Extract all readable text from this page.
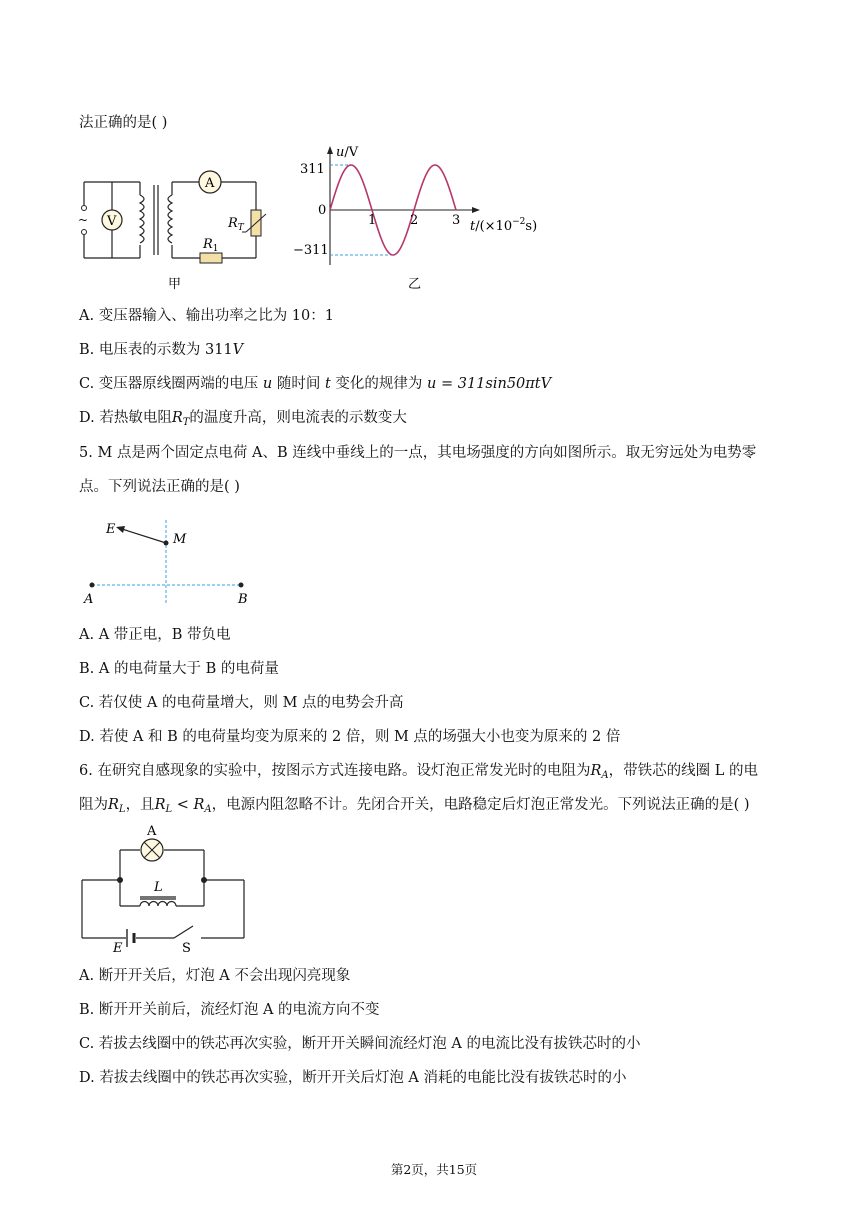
法正确的是( )
~ V
A
$R_T$
$R_1$
甲
u/V
311
0
−311
1	2	3 $t/(\times 10^{-2}s)$
乙
A. 变压器输入、输出功率之比为 10：1
B. 电压表的示数为 311V
C. 变压器原线圈两端的电压 u 随时间 t 变化的规律为 u = 311sin50πtV
D. 若热敏电阻$R_T$的温度升高，则电流表的示数变大
5. M 点是两个固定点电荷 A、B 连线中垂线上的一点，其电场强度的方向如图所示。取无穷远处为电势零
点。下列说法正确的是( )
E
M
A	B
A. A 带正电，B 带负电
B. A 的电荷量大于 B 的电荷量
C. 若仅使 A 的电荷量增大，则 M 点的电势会升高
D. 若使 A 和 B 的电荷量均变为原来的 2 倍，则 M 点的场强大小也变为原来的 2 倍
6. 在研究自感现象的实验中，按图示方式连接电路。设灯泡正常发光时的电阻为$R_A$，带铁芯的线圈 L 的电
阻为$R_L$，且$R_L < R_A$，电源内阻忽略不计。先闭合开关，电路稳定后灯泡正常发光。下列说法正确的是( )
A
L
E	S
A. 断开开关后，灯泡 A 不会出现闪亮现象
B. 断开开关前后，流经灯泡 A 的电流方向不变
C. 若拔去线圈中的铁芯再次实验，断开开关瞬间流经灯泡 A 的电流比没有拔铁芯时的小
D. 若拔去线圈中的铁芯再次实验，断开开关后灯泡 A 消耗的电能比没有拔铁芯时的小
第2页，共15页
